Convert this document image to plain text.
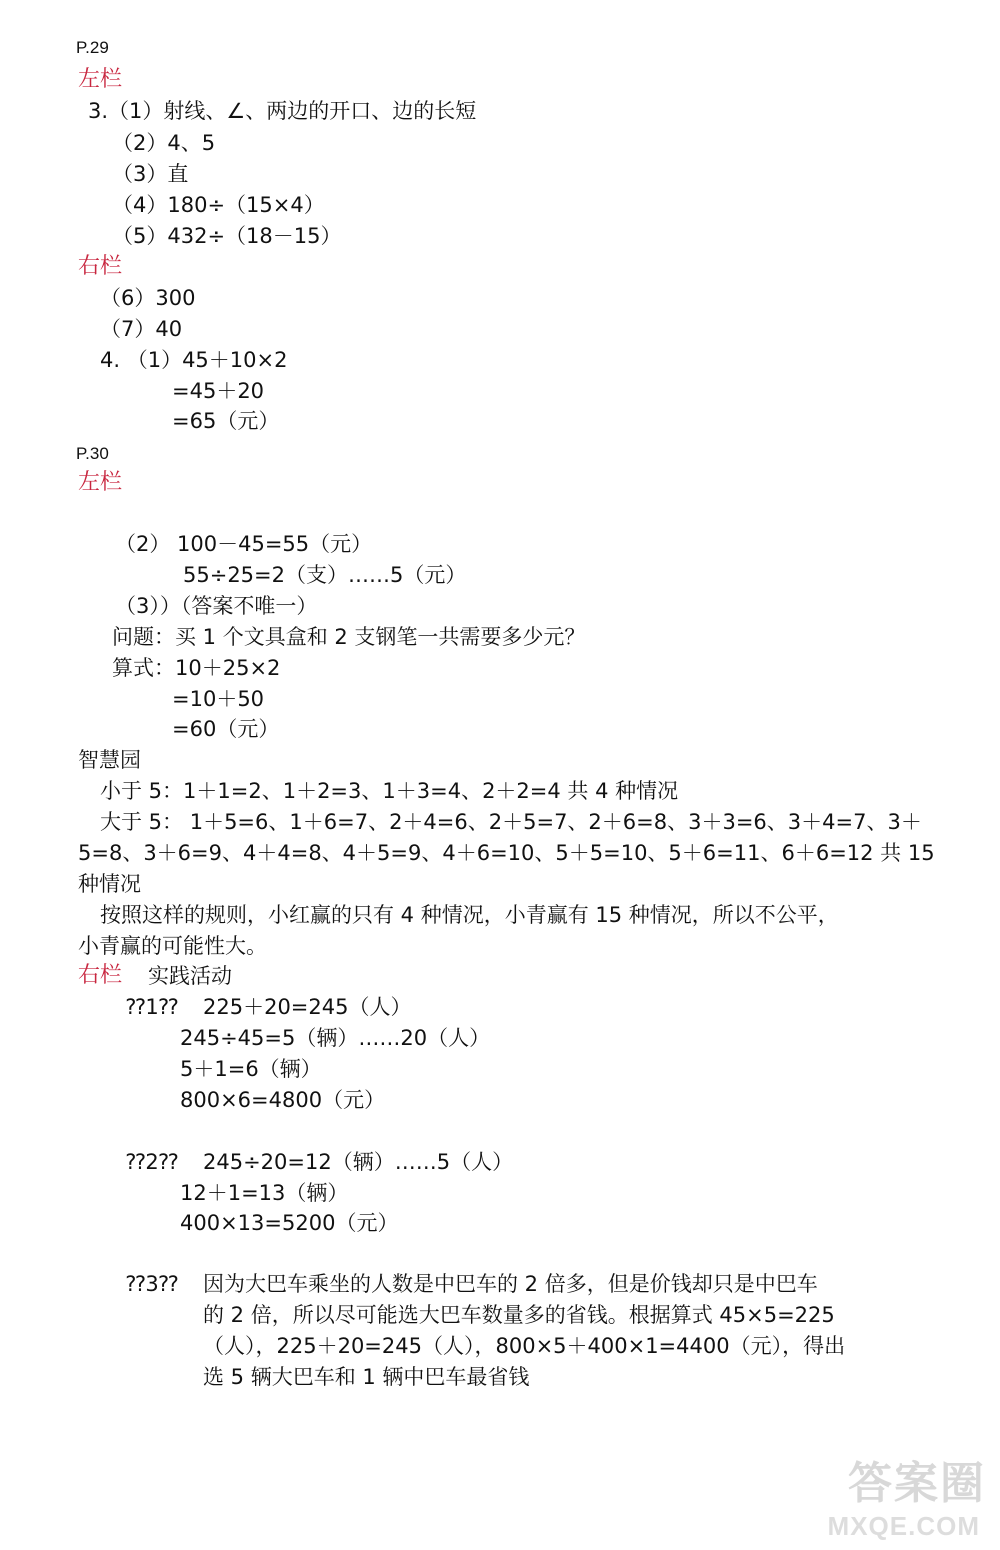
P.29
左栏
3.（1）射线、∠、两边的开口、边的长短
（2）4、5
（3）直
（4）180÷（15×4）
（5）432÷（18－15）
右栏
（6）300
（7）40
4. （1）45＋10×2
=45＋20
=65（元）
P.30
左栏
（2） 100－45=55（元）
55÷25=2（支）……5（元）
（3））（答案不唯一）
问题：买 1 个文具盒和 2 支钢笔一共需要多少元？
算式：10＋25×2
=10＋50
=60（元）
智慧园
小于 5：1＋1=2、1＋2=3、1＋3=4、2＋2=4 共 4 种情况
大于 5： 1＋5=6、1＋6=7、2＋4=6、2＋5=7、2＋6=8、3＋3=6、3＋4=7、3＋
5=8、3＋6=9、4＋4=8、4＋5=9、4＋6=10、5＋5=10、5＋6=11、6＋6=12 共 15
种情况
按照这样的规则，小红赢的只有 4 种情况，小青赢有 15 种情况，所以不公平，
小青赢的可能性大。
右栏 实践活动
⁇1⁇ 225＋20=245（人）
245÷45=5（辆）……20（人）
5＋1=6（辆）
800×6=4800（元）
⁇2⁇ 245÷20=12（辆）……5（人）
12＋1=13（辆）
400×13=5200（元）
⁇3⁇ 因为大巴车乘坐的人数是中巴车的 2 倍多，但是价钱却只是中巴车
的 2 倍，所以尽可能选大巴车数量多的省钱。根据算式 45×5=225
（人），225＋20=245（人），800×5＋400×1=4400（元），得出
选 5 辆大巴车和 1 辆中巴车最省钱
答案圈
MXQE.COM
